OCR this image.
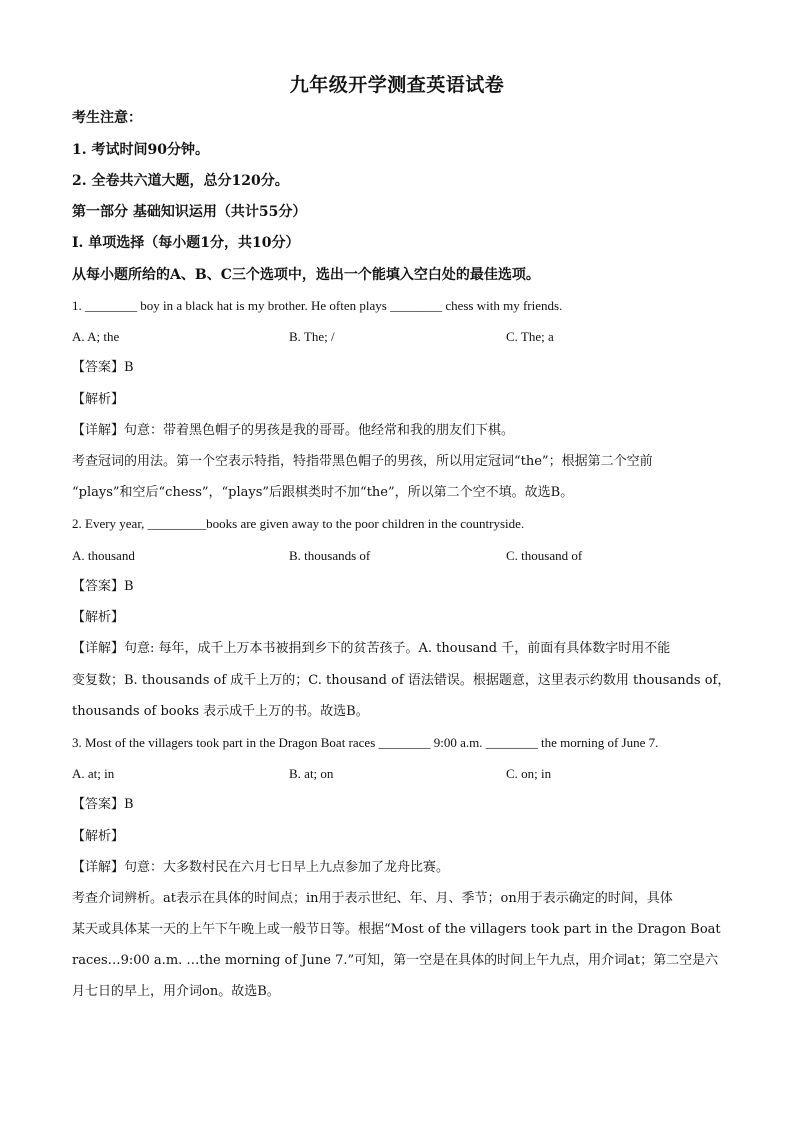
九年级开学测查英语试卷
考生注意：
1. 考试时间90分钟。
2. 全卷共六道大题，总分120分。
第一部分 基础知识运用（共计55分）
Ⅰ. 单项选择（每小题1分，共10分）
从每小题所给的A、B、C三个选项中，选出一个能填入空白处的最佳选项。
1. ________ boy in a black hat is my brother. He often plays ________ chess with my friends.
A. A; the	B. The; /	C. The; a
【答案】B
【解析】
【详解】句意：带着黑色帽子的男孩是我的哥哥。他经常和我的朋友们下棋。
考查冠词的用法。第一个空表示特指，特指带黑色帽子的男孩，所以用定冠词“the”；根据第二个空前
“plays”和空后“chess”，“plays”后跟棋类时不加“the”，所以第二个空不填。故选B。
2. Every year, _________books are given away to the poor children in the countryside.
A. thousand	B. thousands of	C. thousand of
【答案】B
【解析】
【详解】句意: 每年，成千上万本书被捐到乡下的贫苦孩子。A. thousand 千，前面有具体数字时用不能
变复数；B. thousands of 成千上万的；C. thousand of 语法错误。根据题意，这里表示约数用 thousands of，
thousands of books 表示成千上万的书。故选B。
3. Most of the villagers took part in the Dragon Boat races ________ 9:00 a.m. ________ the morning of June 7.
A. at; in	B. at; on	C. on; in
【答案】B
【解析】
【详解】句意：大多数村民在六月七日早上九点参加了龙舟比赛。
考查介词辨析。at表示在具体的时间点；in用于表示世纪、年、月、季节；on用于表示确定的时间，具体
某天或具体某一天的上午下午晚上或一般节日等。根据“Most of the villagers took part in the Dragon Boat
races…9:00 a.m. …the morning of June 7.”可知，第一空是在具体的时间上午九点，用介词at；第二空是六
月七日的早上，用介词on。故选B。
